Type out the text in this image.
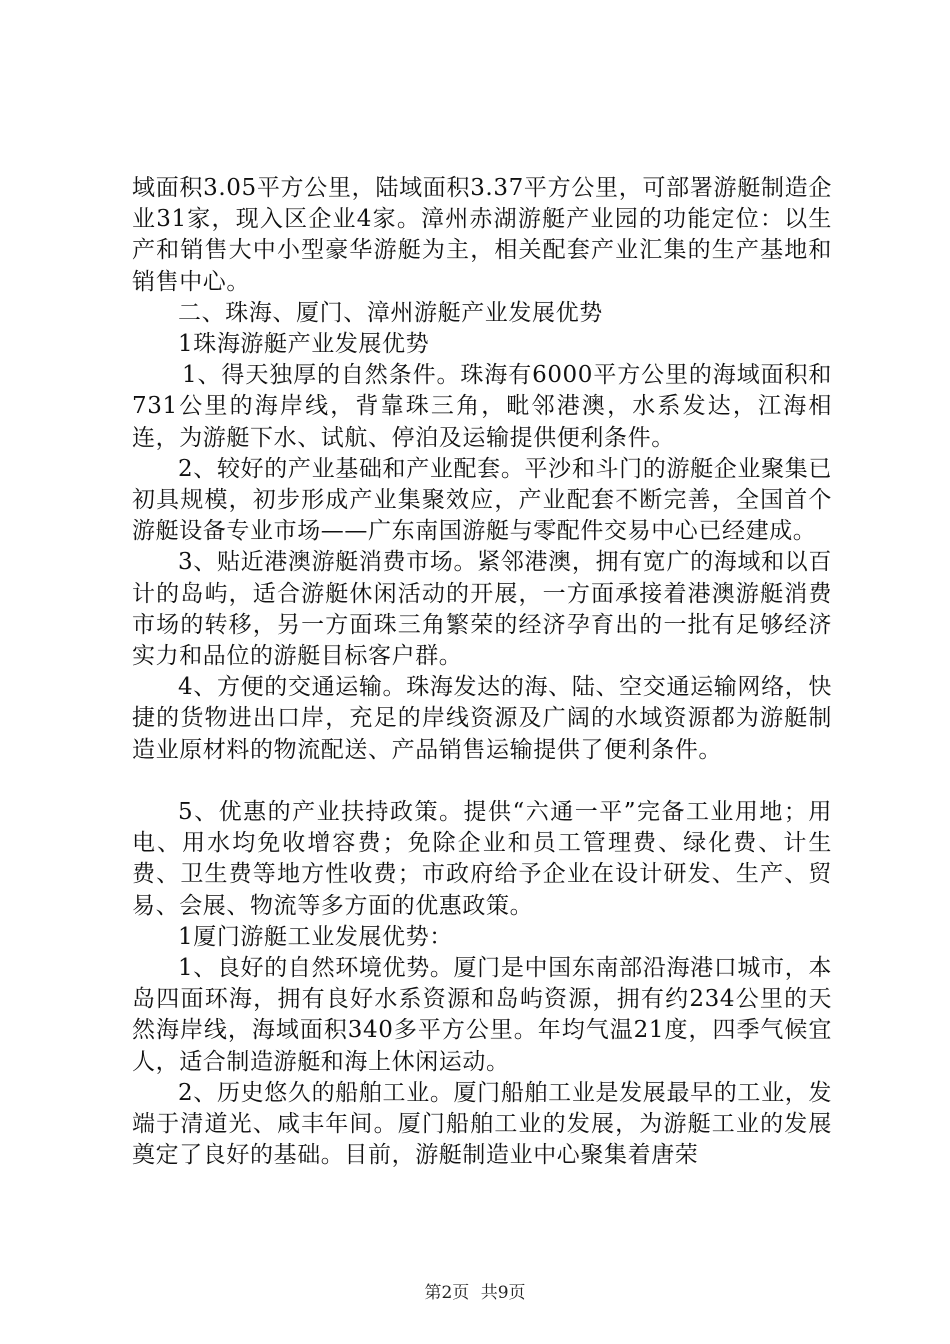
域面积3.05平方公里，陆域面积3.37平方公里，可部署游艇制造企业31家，现入区企业4家。漳州赤湖游艇产业园的功能定位：以生产和销售大中小型豪华游艇为主，相关配套产业汇集的生产基地和销售中心。

二、珠海、厦门、漳州游艇产业发展优势

1珠海游艇产业发展优势

1、得天独厚的自然条件。珠海有6000平方公里的海域面积和731公里的海岸线，背靠珠三角，毗邻港澳，水系发达，江海相连，为游艇下水、试航、停泊及运输提供便利条件。

2、较好的产业基础和产业配套。平沙和斗门的游艇企业聚集已初具规模，初步形成产业集聚效应，产业配套不断完善，全国首个游艇设备专业市场——广东南国游艇与零配件交易中心已经建成。

3、贴近港澳游艇消费市场。紧邻港澳，拥有宽广的海域和以百计的岛屿，适合游艇休闲活动的开展，一方面承接着港澳游艇消费市场的转移，另一方面珠三角繁荣的经济孕育出的一批有足够经济实力和品位的游艇目标客户群。

4、方便的交通运输。珠海发达的海、陆、空交通运输网络，快捷的货物进出口岸，充足的岸线资源及广阔的水域资源都为游艇制造业原材料的物流配送、产品销售运输提供了便利条件。

5、优惠的产业扶持政策。提供“六通一平”完备工业用地；用电、用水均免收增容费；免除企业和员工管理费、绿化费、计生费、卫生费等地方性收费；市政府给予企业在设计研发、生产、贸易、会展、物流等多方面的优惠政策。

1厦门游艇工业发展优势：

1、良好的自然环境优势。厦门是中国东南部沿海港口城市，本岛四面环海，拥有良好水系资源和岛屿资源，拥有约234公里的天然海岸线，海域面积340多平方公里。年均气温21度，四季气候宜人，适合制造游艇和海上休闲运动。

2、历史悠久的船舶工业。厦门船舶工业是发展最早的工业，发端于清道光、咸丰年间。厦门船舶工业的发展，为游艇工业的发展奠定了良好的基础。目前，游艇制造业中心聚集着唐荣

第2页 共9页
